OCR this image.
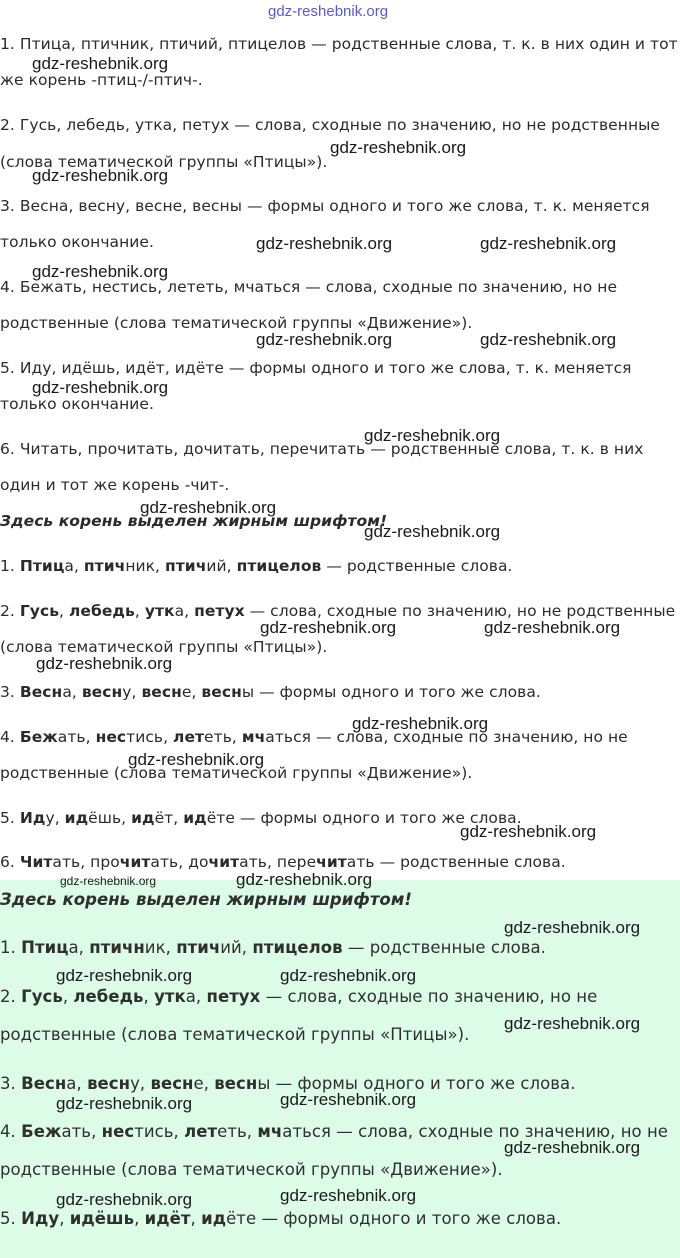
1. Птица, птичник, птичий, птицелов — родственные слова, т. к. в них один и тот
же корень -птиц-/-птич-.
2. Гусь, лебедь, утка, петух — слова, сходные по значению, но не родственные
(слова тематической группы «Птицы»).
3. Весна, весну, весне, весны — формы одного и того же слова, т. к. меняется
только окончание.
4. Бежать, нестись, лететь, мчаться — слова, сходные по значению, но не
родственные (слова тематической группы «Движение»).
5. Иду, идёшь, идёт, идёте — формы одного и того же слова, т. к. меняется
только окончание.
6. Читать, прочитать, дочитать, перечитать — родственные слова, т. к. в них
один и тот же корень -чит-.
Здесь корень выделен жирным шрифтом!
1. Птица, птичник, птичий, птицелов — родственные слова.
2. Гусь, лебедь, утка, петух — слова, сходные по значению, но не родственные
(слова тематической группы «Птицы»).
3. Весна, весну, весне, весны — формы одного и того же слова.
4. Бежать, нестись, лететь, мчаться — слова, сходные по значению, но не
родственные (слова тематической группы «Движение»).
5. Иду, идёшь, идёт, идёте — формы одного и того же слова.
6. Читать, прочитать, дочитать, перечитать — родственные слова.
Здесь корень выделен жирным шрифтом!
1. Птица, птичник, птичий, птицелов — родственные слова.
2. Гусь, лебедь, утка, петух — слова, сходные по значению, но не
родственные (слова тематической группы «Птицы»).
3. Весна, весну, весне, весны — формы одного и того же слова.
4. Бежать, нестись, лететь, мчаться — слова, сходные по значению, но не
родственные (слова тематической группы «Движение»).
5. Иду, идёшь, идёт, идёте — формы одного и того же слова.
gdz-reshebnik.org
gdz-reshebnik.org
gdz-reshebnik.org
gdz-reshebnik.org
gdz-reshebnik.org	gdz-reshebnik.org
gdz-reshebnik.org
gdz-reshebnik.org	gdz-reshebnik.org
gdz-reshebnik.org
gdz-reshebnik.org
gdz-reshebnik.org
gdz-reshebnik.org
gdz-reshebnik.org	gdz-reshebnik.org
gdz-reshebnik.org
gdz-reshebnik.org
gdz-reshebnik.org
gdz-reshebnik.org
gdz-reshebnik.org	gdz-reshebnik.org
gdz-reshebnik.org
gdz-reshebnik.org	gdz-reshebnik.org
gdz-reshebnik.org
gdz-reshebnik.org
gdz-reshebnik.org
gdz-reshebnik.org
gdz-reshebnik.org	gdz-reshebnik.org
